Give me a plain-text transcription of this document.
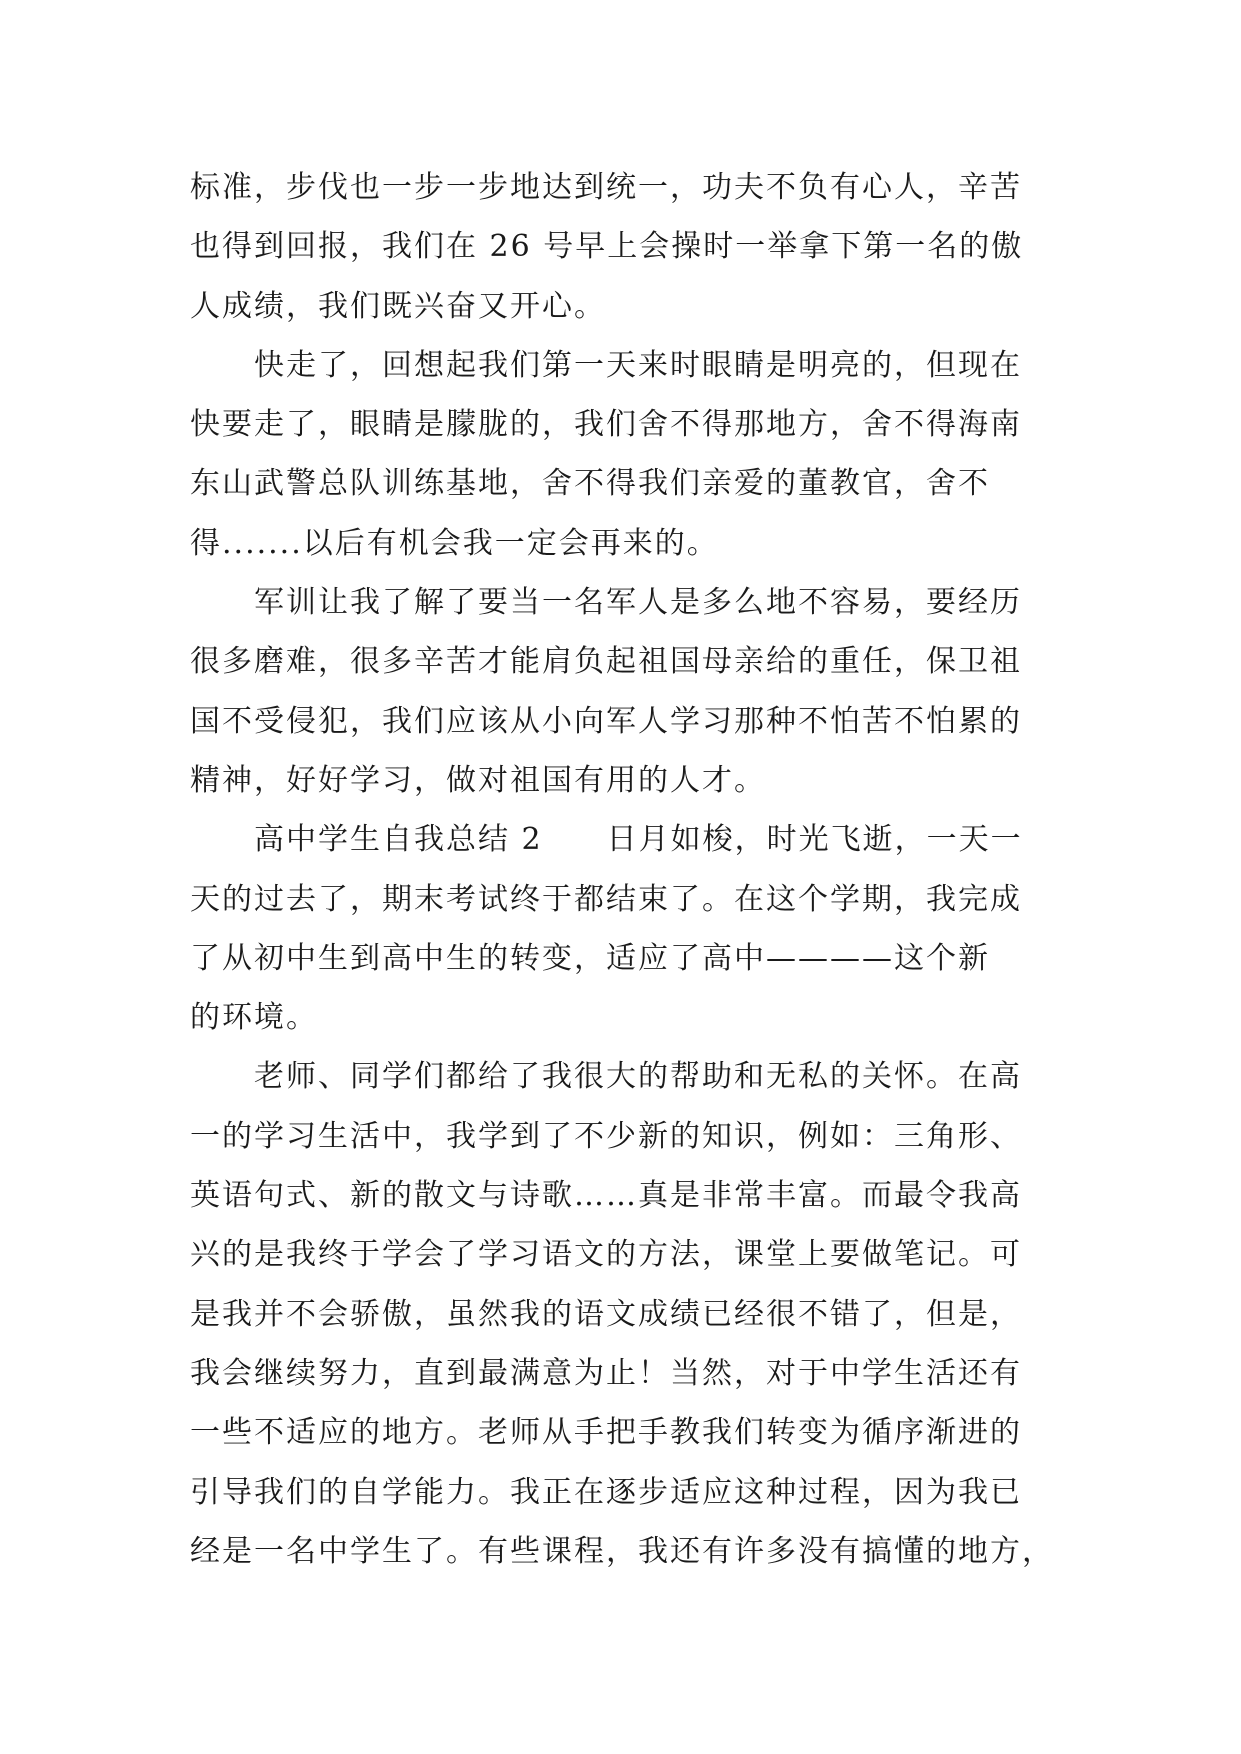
标准，步伐也一步一步地达到统一，功夫不负有心人，辛苦
也得到回报，我们在 26 号早上会操时一举拿下第一名的傲
人成绩，我们既兴奋又开心。
快走了，回想起我们第一天来时眼睛是明亮的，但现在
快要走了，眼睛是朦胧的，我们舍不得那地方，舍不得海南
东山武警总队训练基地，舍不得我们亲爱的董教官，舍不
得.......以后有机会我一定会再来的。
军训让我了解了要当一名军人是多么地不容易，要经历
很多磨难，很多辛苦才能肩负起祖国母亲给的重任，保卫祖
国不受侵犯，我们应该从小向军人学习那种不怕苦不怕累的
精神，好好学习，做对祖国有用的人才。
高中学生自我总结 2　　日月如梭，时光飞逝，一天一
天的过去了，期末考试终于都结束了。在这个学期，我完成
了从初中生到高中生的转变，适应了高中————这个新
的环境。
老师、同学们都给了我很大的帮助和无私的关怀。在高
一的学习生活中，我学到了不少新的知识，例如：三角形、
英语句式、新的散文与诗歌……真是非常丰富。而最令我高
兴的是我终于学会了学习语文的方法，课堂上要做笔记。可
是我并不会骄傲，虽然我的语文成绩已经很不错了，但是，
我会继续努力，直到最满意为止！当然，对于中学生活还有
一些不适应的地方。老师从手把手教我们转变为循序渐进的
引导我们的自学能力。我正在逐步适应这种过程，因为我已
经是一名中学生了。有些课程，我还有许多没有搞懂的地方，
